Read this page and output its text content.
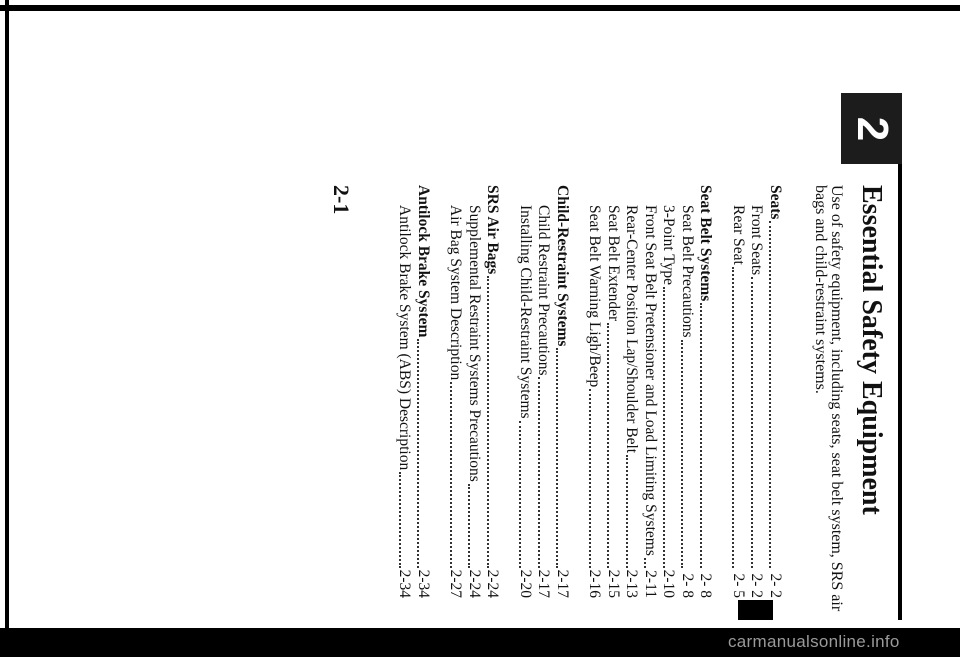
2
Essential Safety Equipment
Use of safety equipment, including seats, seat belt system, SRS air
bags and child-restraint systems.
Seats
2- 2
Front Seats
2- 2
Rear Seat
2- 5
Seat Belt Systems
2- 8
Seat Belt Precautions
2- 8
3-Point Type
2-10
Front Seat Belt Pretensioner and Load Limiting Systems
2-11
Rear-Center Position Lap/Shoulder Belt
2-13
Seat Belt Extender
2-15
Seat Belt Warning Ligh/Beep
2-16
Child-Restraint Systems
2-17
Child Restraint Precautions
2-17
Installing Child-Restraint Systems
2-20
SRS Air Bags
2-24
Supplemental Restraint Systems Precautions
2-24
Air Bag System Description
2-27
Antilock Brake System
2-34
Antilock Brake System (ABS) Description
2-34
2-1
carmanualsonline.info
